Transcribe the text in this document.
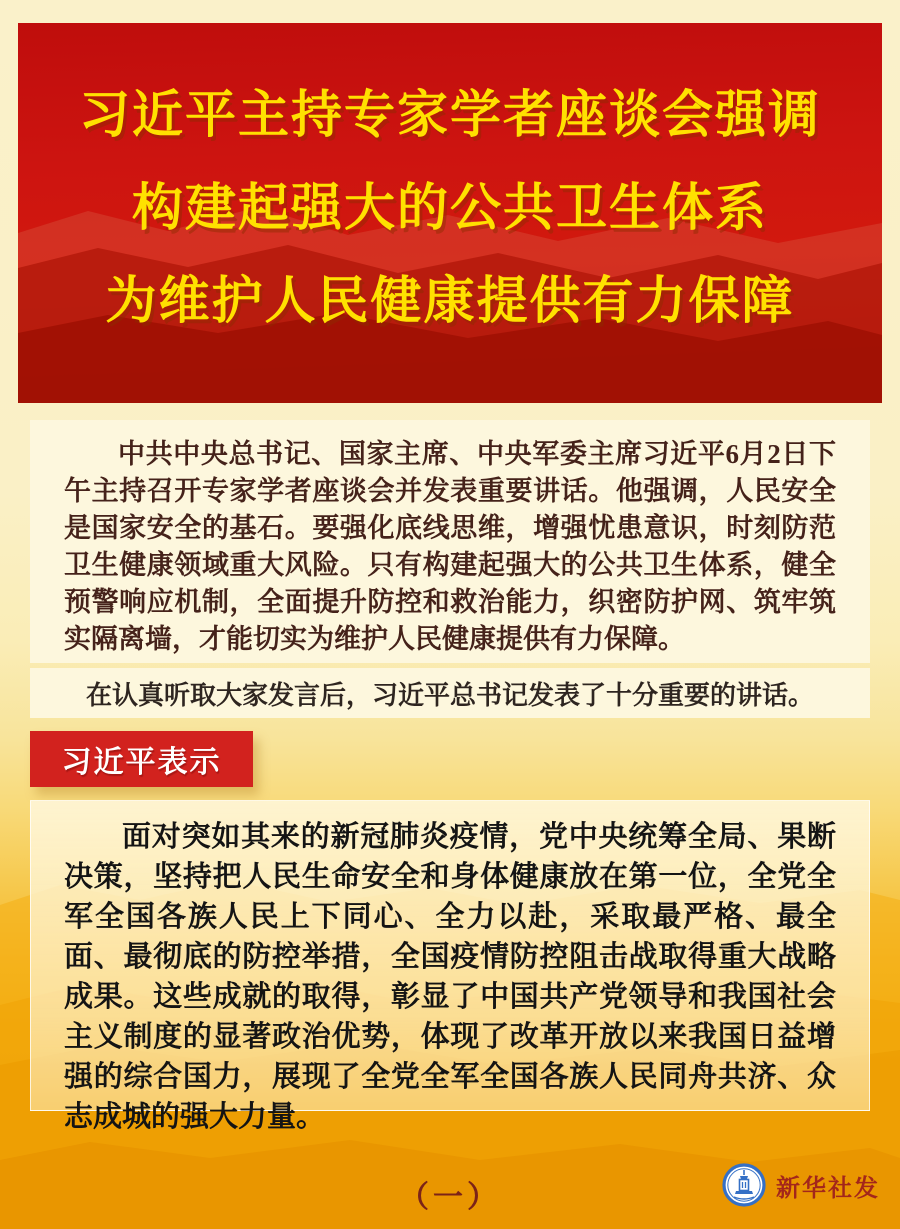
习近平主持专家学者座谈会强调
构建起强大的公共卫生体系
为维护人民健康提供有力保障

中共中央总书记、国家主席、中央军委主席习近平6月2日下午主持召开专家学者座谈会并发表重要讲话。他强调，人民安全是国家安全的基石。要强化底线思维，增强忧患意识，时刻防范卫生健康领域重大风险。只有构建起强大的公共卫生体系，健全预警响应机制，全面提升防控和救治能力，织密防护网、筑牢筑实隔离墙，才能切实为维护人民健康提供有力保障。

在认真听取大家发言后，习近平总书记发表了十分重要的讲话。

习近平表示

面对突如其来的新冠肺炎疫情，党中央统筹全局、果断决策，坚持把人民生命安全和身体健康放在第一位，全党全军全国各族人民上下同心、全力以赴，采取最严格、最全面、最彻底的防控举措，全国疫情防控阻击战取得重大战略成果。这些成就的取得，彰显了中国共产党领导和我国社会主义制度的显著政治优势，体现了改革开放以来我国日益增强的综合国力，展现了全党全军全国各族人民同舟共济、众志成城的强大力量。

（一）	新华社发
